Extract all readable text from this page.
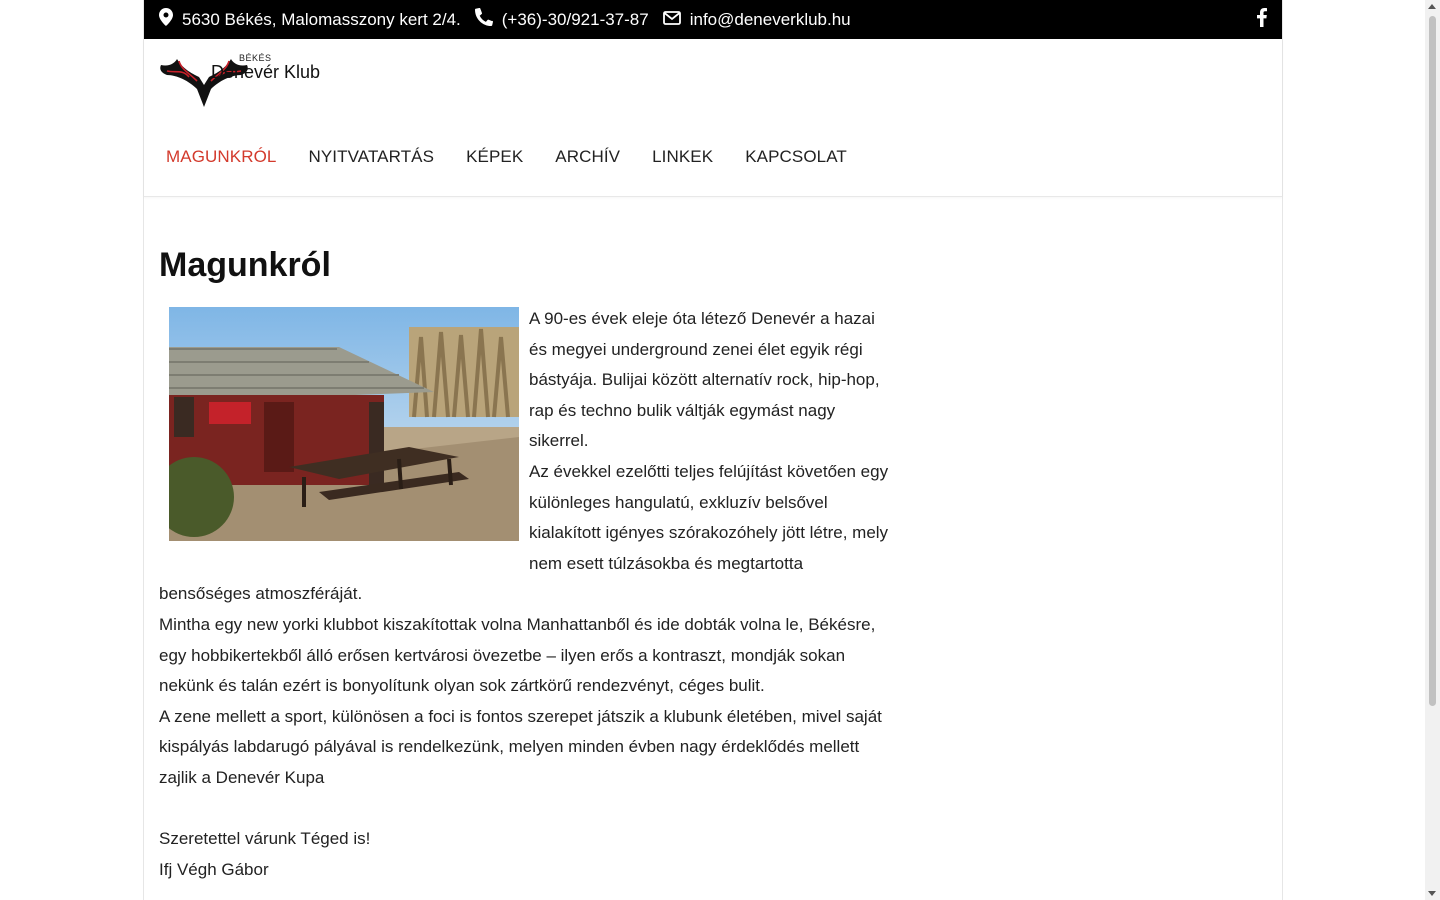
5630 Békés, Malomasszony kert 2/4. (+36)-30/921-37-87 info@deneverklub.hu
BÉKÉS
Denevér Klub
MAGUNKRÓL NYITVATARTÁS KÉPEK ARCHÍV LINKEK KAPCSOLAT
Magunkról

A 90-es évek eleje óta létező Denevér a hazai és megyei underground zenei élet egyik régi bástyája. Bulijai között alternatív rock, hip-hop, rap és techno bulik váltják egymást nagy sikerrel.

Az évekkel ezelőtti teljes felújítást követően egy különleges hangulatú, exkluzív belsővel kialakított igényes szórakozóhely jött létre, mely nem esett túlzásokba és megtartotta bensőséges atmoszféráját.

Mintha egy new yorki klubbot kiszakítottak volna Manhattanből és ide dobták volna le, Békésre, egy hobbikertekből álló erősen kertvárosi övezetbe – ilyen erős a kontraszt, mondják sokan nekünk és talán ezért is bonyolítunk olyan sok zártkörű rendezvényt, céges bulit.

A zene mellett a sport, különösen a foci is fontos szerepet játszik a klubunk életében, mivel saját kispályás labdarugó pályával is rendelkezünk, melyen minden évben nagy érdeklődés mellett zajlik a Denevér Kupa

Szeretettel várunk Téged is!

Ifj Végh Gábor
